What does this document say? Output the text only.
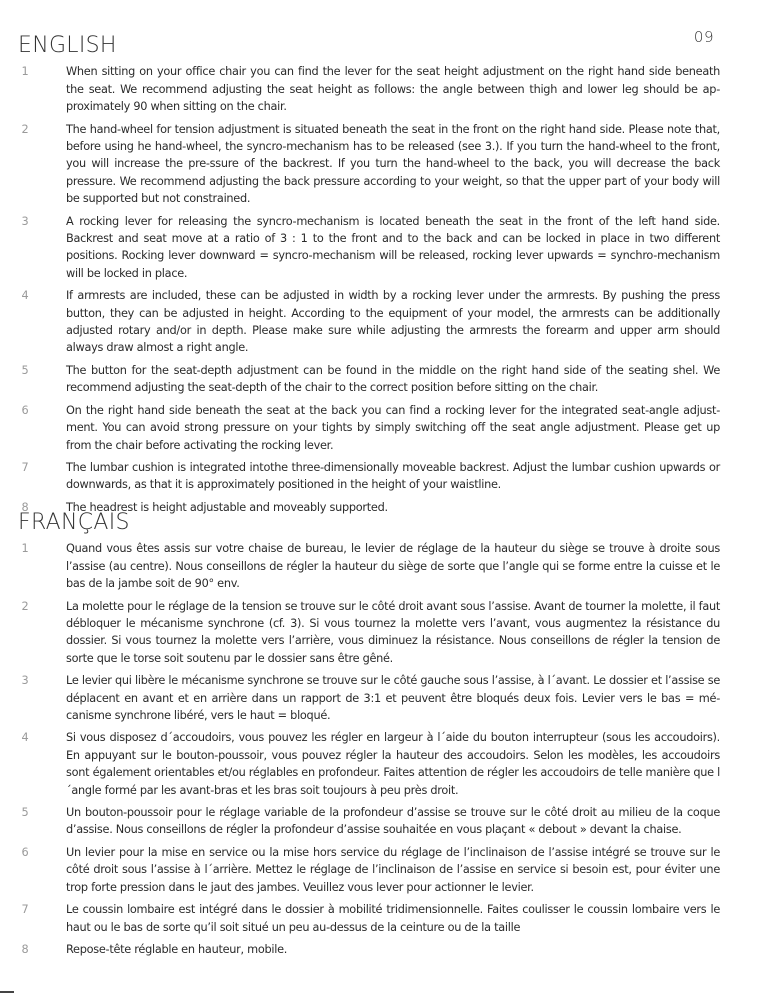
09
ENGLISH
1	When sitting on your office chair you can find the lever for the seat height adjustment on the right hand side beneath the seat. We recommend adjusting the seat height as follows: the angle between thigh and lower leg should be ap-proximately 90 when sitting on the chair.
2	The hand-wheel for tension adjustment is situated beneath the seat in the front on the right hand side. Please note that, before using he hand-wheel, the syncro-mechanism has to be released (see 3.). If you turn the hand-wheel to the front, you will increase the pre-ssure of the backrest. If you turn the hand-wheel to the back, you will decrease the back pressure. We recommend adjusting the back pressure according to your weight, so that the upper part of your body will be supported but not constrained.
3	A rocking lever for releasing the syncro-mechanism is located beneath the seat in the front of the left hand side. Backrest and seat move at a ratio of 3 : 1 to the front and to the back and can be locked in place in two different positions. Rocking lever downward = syncro-mechanism will be released, rocking lever upwards = synchro-mechanism will be locked in place.
4	If armrests are included, these can be adjusted in width by a rocking lever under the armrests. By pushing the press button, they can be adjusted in height. According to the equipment of your model, the armrests can be additionally adjusted rotary and/or in depth. Please make sure while adjusting the armrests the forearm and upper arm should always draw almost a right angle.
5	The button for the seat-depth adjustment can be found in the middle on the right hand side of the seating shel. We recommend adjusting the seat-depth of the chair to the correct position before sitting on the chair.
6	On the right hand side beneath the seat at the back you can find a rocking lever for the integrated seat-angle adjust-ment. You can avoid strong pressure on your tights by simply switching off the seat angle adjustment. Please get up from the chair before activating the rocking lever.
7	The lumbar cushion is integrated intothe three-dimensionally moveable backrest. Adjust the lumbar cushion upwards or downwards, as that it is approximately positioned in the height of your waistline.
8	The headrest is height adjustable and moveably supported.
FRANÇAIS
1	Quand vous êtes assis sur votre chaise de bureau, le levier de réglage de la hauteur du siège se trouve à droite sous l’assise (au centre). Nous conseillons de régler la hauteur du siège de sorte que l’angle qui se forme entre la cuisse et le bas de la jambe soit de 90° env.
2	La molette pour le réglage de la tension se trouve sur le côté droit avant sous l’assise. Avant de tourner la molette, il faut débloquer le mécanisme synchrone (cf. 3). Si vous tournez la molette vers l’avant, vous augmentez la résistance du dossier. Si vous tournez la molette vers l’arrière, vous diminuez la résistance. Nous conseillons de régler la tension de sorte que le torse soit soutenu par le dossier sans être gêné.
3	Le levier qui libère le mécanisme synchrone se trouve sur le côté gauche sous l’assise, à l´avant. Le dossier et l’assise se déplacent en avant et en arrière dans un rapport de 3:1 et peuvent être bloqués deux fois. Levier vers le bas = mé-canisme synchrone libéré, vers le haut = bloqué.
4	Si vous disposez d´accoudoirs, vous pouvez les régler en largeur à l´aide du bouton interrupteur (sous les accoudoirs). En appuyant sur le bouton-poussoir, vous pouvez régler la hauteur des accoudoirs. Selon les modèles, les accoudoirs sont également orientables et/ou réglables en profondeur. Faites attention de régler les accoudoirs de telle manière que l´angle formé par les avant-bras et les bras soit toujours à peu près droit.
5	Un bouton-poussoir pour le réglage variable de la profondeur d’assise se trouve sur le côté droit au milieu de la coque d’assise. Nous conseillons de régler la profondeur d’assise souhaitée en vous plaçant « debout » devant la chaise.
6	Un levier pour la mise en service ou la mise hors service du réglage de l’inclinaison de l’assise intégré se trouve sur le côté droit sous l’assise à l´arrière. Mettez le réglage de l’inclinaison de l’assise en service si besoin est, pour éviter une trop forte pression dans le jaut des jambes. Veuillez vous lever pour actionner le levier.
7	Le coussin lombaire est intégré dans le dossier à mobilité tridimensionnelle. Faites coulisser le coussin lombaire vers le haut ou le bas de sorte qu’il soit situé un peu au-dessus de la ceinture ou de la taille
8	Repose-tête réglable en hauteur, mobile.
